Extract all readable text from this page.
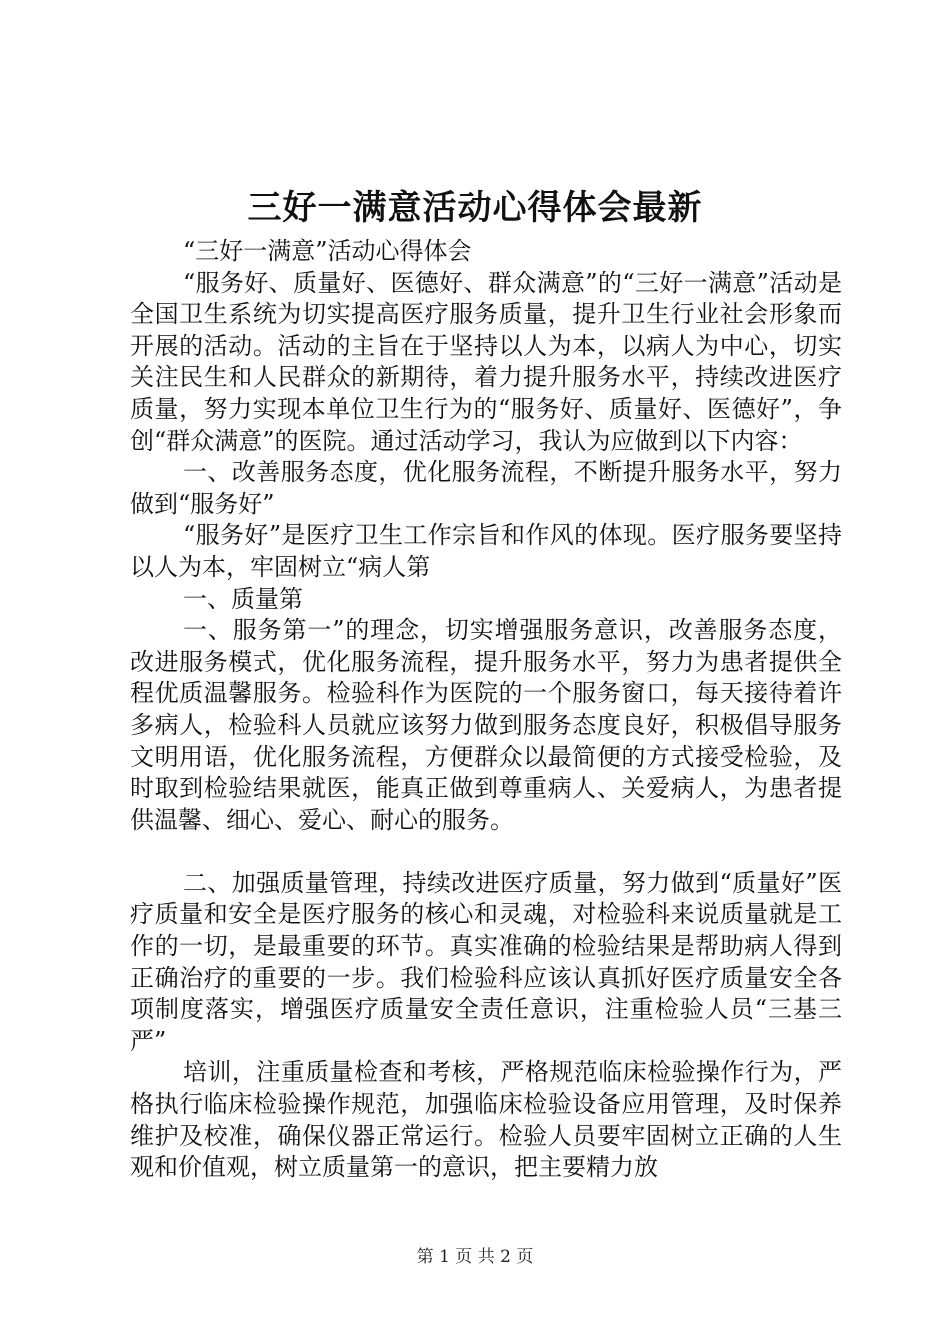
三好一满意活动心得体会最新

“三好一满意”活动心得体会

“服务好、质量好、医德好、群众满意”的“三好一满意”活动是全国卫生系统为切实提高医疗服务质量，提升卫生行业社会形象而开展的活动。活动的主旨在于坚持以人为本，以病人为中心，切实关注民生和人民群众的新期待，着力提升服务水平，持续改进医疗质量，努力实现本单位卫生行为的“服务好、质量好、医德好”，争创“群众满意”的医院。通过活动学习，我认为应做到以下内容：

一、改善服务态度，优化服务流程，不断提升服务水平，努力做到“服务好”

“服务好”是医疗卫生工作宗旨和作风的体现。医疗服务要坚持以人为本，牢固树立“病人第

一、质量第

一、服务第一”的理念，切实增强服务意识，改善服务态度，改进服务模式，优化服务流程，提升服务水平，努力为患者提供全程优质温馨服务。检验科作为医院的一个服务窗口，每天接待着许多病人，检验科人员就应该努力做到服务态度良好，积极倡导服务文明用语，优化服务流程，方便群众以最简便的方式接受检验，及时取到检验结果就医，能真正做到尊重病人、关爱病人，为患者提供温馨、细心、爱心、耐心的服务。

二、加强质量管理，持续改进医疗质量，努力做到“质量好”医疗质量和安全是医疗服务的核心和灵魂，对检验科来说质量就是工作的一切，是最重要的环节。真实准确的检验结果是帮助病人得到正确治疗的重要的一步。我们检验科应该认真抓好医疗质量安全各项制度落实，增强医疗质量安全责任意识，注重检验人员“三基三严”

培训，注重质量检查和考核，严格规范临床检验操作行为，严格执行临床检验操作规范，加强临床检验设备应用管理，及时保养维护及校准，确保仪器正常运行。检验人员要牢固树立正确的人生观和价值观，树立质量第一的意识，把主要精力放

第 1 页 共 2 页
